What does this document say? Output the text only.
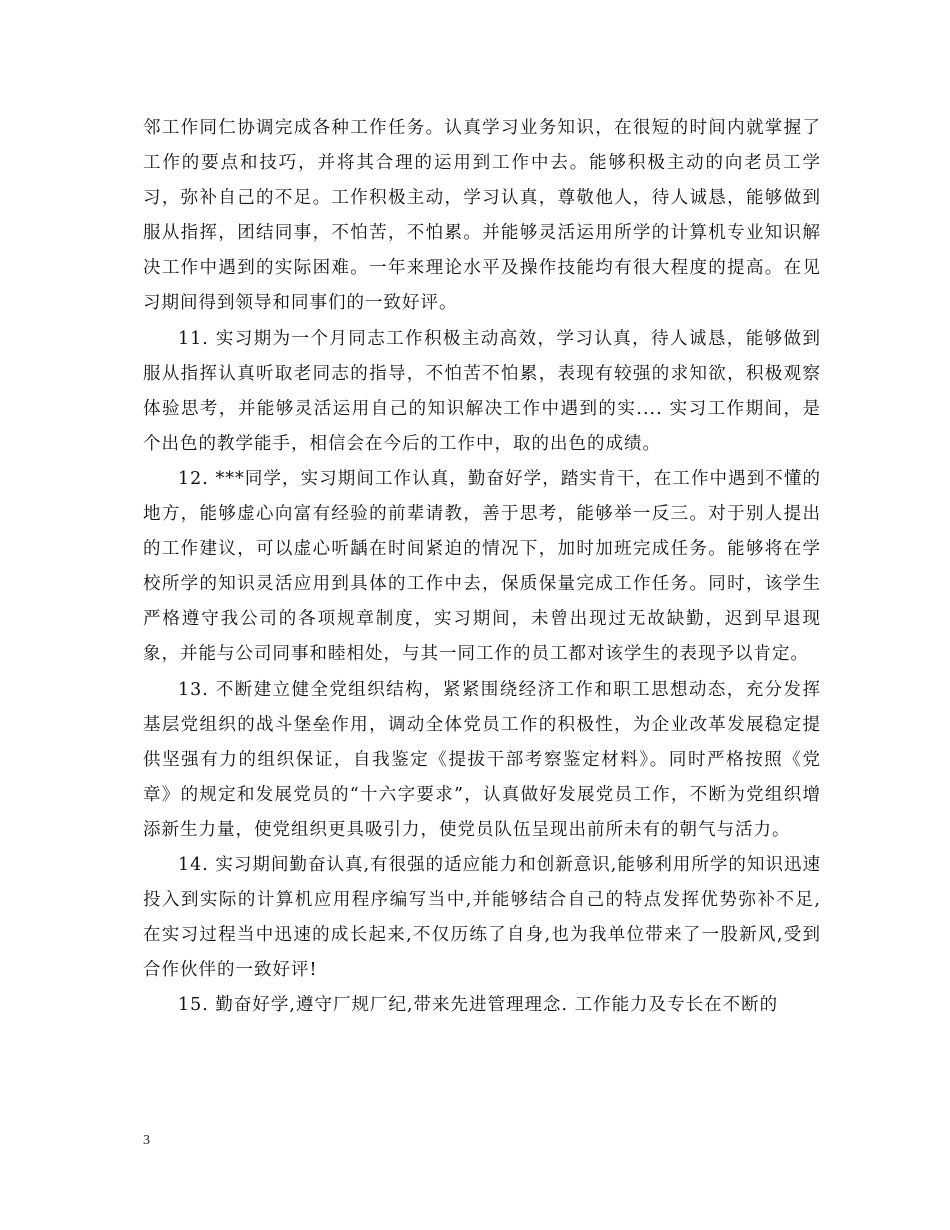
邻工作同仁协调完成各种工作任务。认真学习业务知识，在很短的时间内就掌握了工作的要点和技巧，并将其合理的运用到工作中去。能够积极主动的向老员工学习，弥补自己的不足。工作积极主动，学习认真，尊敬他人，待人诚恳，能够做到服从指挥，团结同事，不怕苦，不怕累。并能够灵活运用所学的计算机专业知识解决工作中遇到的实际困难。一年来理论水平及操作技能均有很大程度的提高。在见习期间得到领导和同事们的一致好评。

11. 实习期为一个月同志工作积极主动高效，学习认真，待人诚恳，能够做到服从指挥认真听取老同志的指导，不怕苦不怕累，表现有较强的求知欲，积极观察体验思考，并能够灵活运用自己的知识解决工作中遇到的实.... 实习工作期间，是个出色的教学能手，相信会在今后的工作中，取的出色的成绩。

12. ***同学，实习期间工作认真，勤奋好学，踏实肯干，在工作中遇到不懂的地方，能够虚心向富有经验的前辈请教，善于思考，能够举一反三。对于别人提出的工作建议，可以虚心听龋在时间紧迫的情况下，加时加班完成任务。能够将在学校所学的知识灵活应用到具体的工作中去，保质保量完成工作任务。同时，该学生严格遵守我公司的各项规章制度，实习期间，未曾出现过无故缺勤，迟到早退现象，并能与公司同事和睦相处，与其一同工作的员工都对该学生的表现予以肯定。

13. 不断建立健全党组织结构，紧紧围绕经济工作和职工思想动态，充分发挥基层党组织的战斗堡垒作用，调动全体党员工作的积极性，为企业改革发展稳定提供坚强有力的组织保证，自我鉴定《提拔干部考察鉴定材料》。同时严格按照《党章》的规定和发展党员的“十六字要求”，认真做好发展党员工作，不断为党组织增添新生力量，使党组织更具吸引力，使党员队伍呈现出前所未有的朝气与活力。

14. 实习期间勤奋认真,有很强的适应能力和创新意识,能够利用所学的知识迅速投入到实际的计算机应用程序编写当中,并能够结合自己的特点发挥优势弥补不足,在实习过程当中迅速的成长起来,不仅历练了自身,也为我单位带来了一股新风,受到合作伙伴的一致好评!

15. 勤奋好学,遵守厂规厂纪,带来先进管理理念. 工作能力及专长在不断的

3
